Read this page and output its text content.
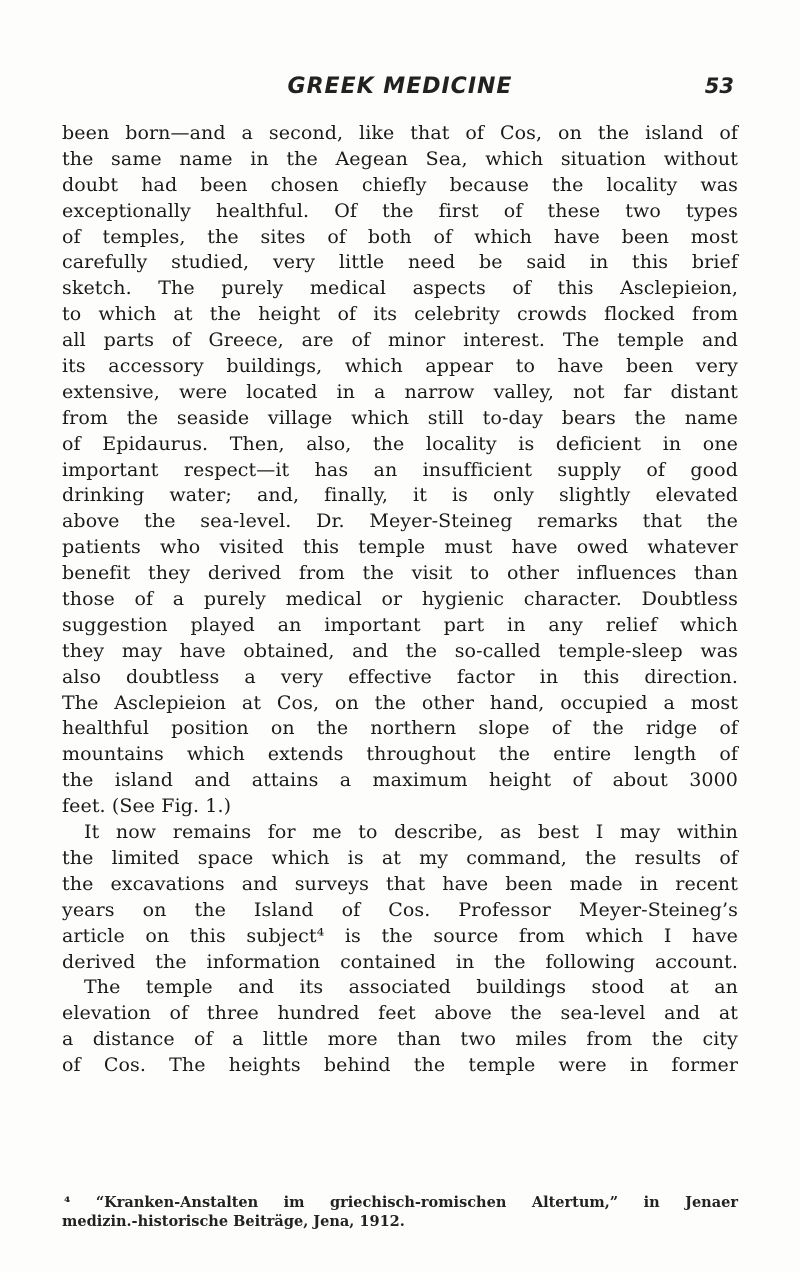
GREEK MEDICINE	53
been born—and a second, like that of Cos, on the island of
the same name in the Aegean Sea, which situation without
doubt had been chosen chiefly because the locality was
exceptionally healthful. Of the first of these two types
of temples, the sites of both of which have been most
carefully studied, very little need be said in this brief
sketch. The purely medical aspects of this Asclepieion,
to which at the height of its celebrity crowds flocked from
all parts of Greece, are of minor interest. The temple and
its accessory buildings, which appear to have been very
extensive, were located in a narrow valley, not far distant
from the seaside village which still to-day bears the name
of Epidaurus. Then, also, the locality is deficient in one
important respect—it has an insufficient supply of good
drinking water; and, finally, it is only slightly elevated
above the sea-level. Dr. Meyer-Steineg remarks that the
patients who visited this temple must have owed whatever
benefit they derived from the visit to other influences than
those of a purely medical or hygienic character. Doubtless
suggestion played an important part in any relief which
they may have obtained, and the so-called temple-sleep was
also doubtless a very effective factor in this direction.
The Asclepieion at Cos, on the other hand, occupied a most
healthful position on the northern slope of the ridge of
mountains which extends throughout the entire length of
the island and attains a maximum height of about 3000
feet. (See Fig. 1.)
It now remains for me to describe, as best I may within
the limited space which is at my command, the results of
the excavations and surveys that have been made in recent
years on the Island of Cos. Professor Meyer-Steineg’s
article on this subject⁴ is the source from which I have
derived the information contained in the following account.
The temple and its associated buildings stood at an
elevation of three hundred feet above the sea-level and at
a distance of a little more than two miles from the city
of Cos. The heights behind the temple were in former
⁴ “Kranken-Anstalten im griechisch-romischen Altertum,” in Jenaer
medizin.-historische Beiträge, Jena, 1912.
